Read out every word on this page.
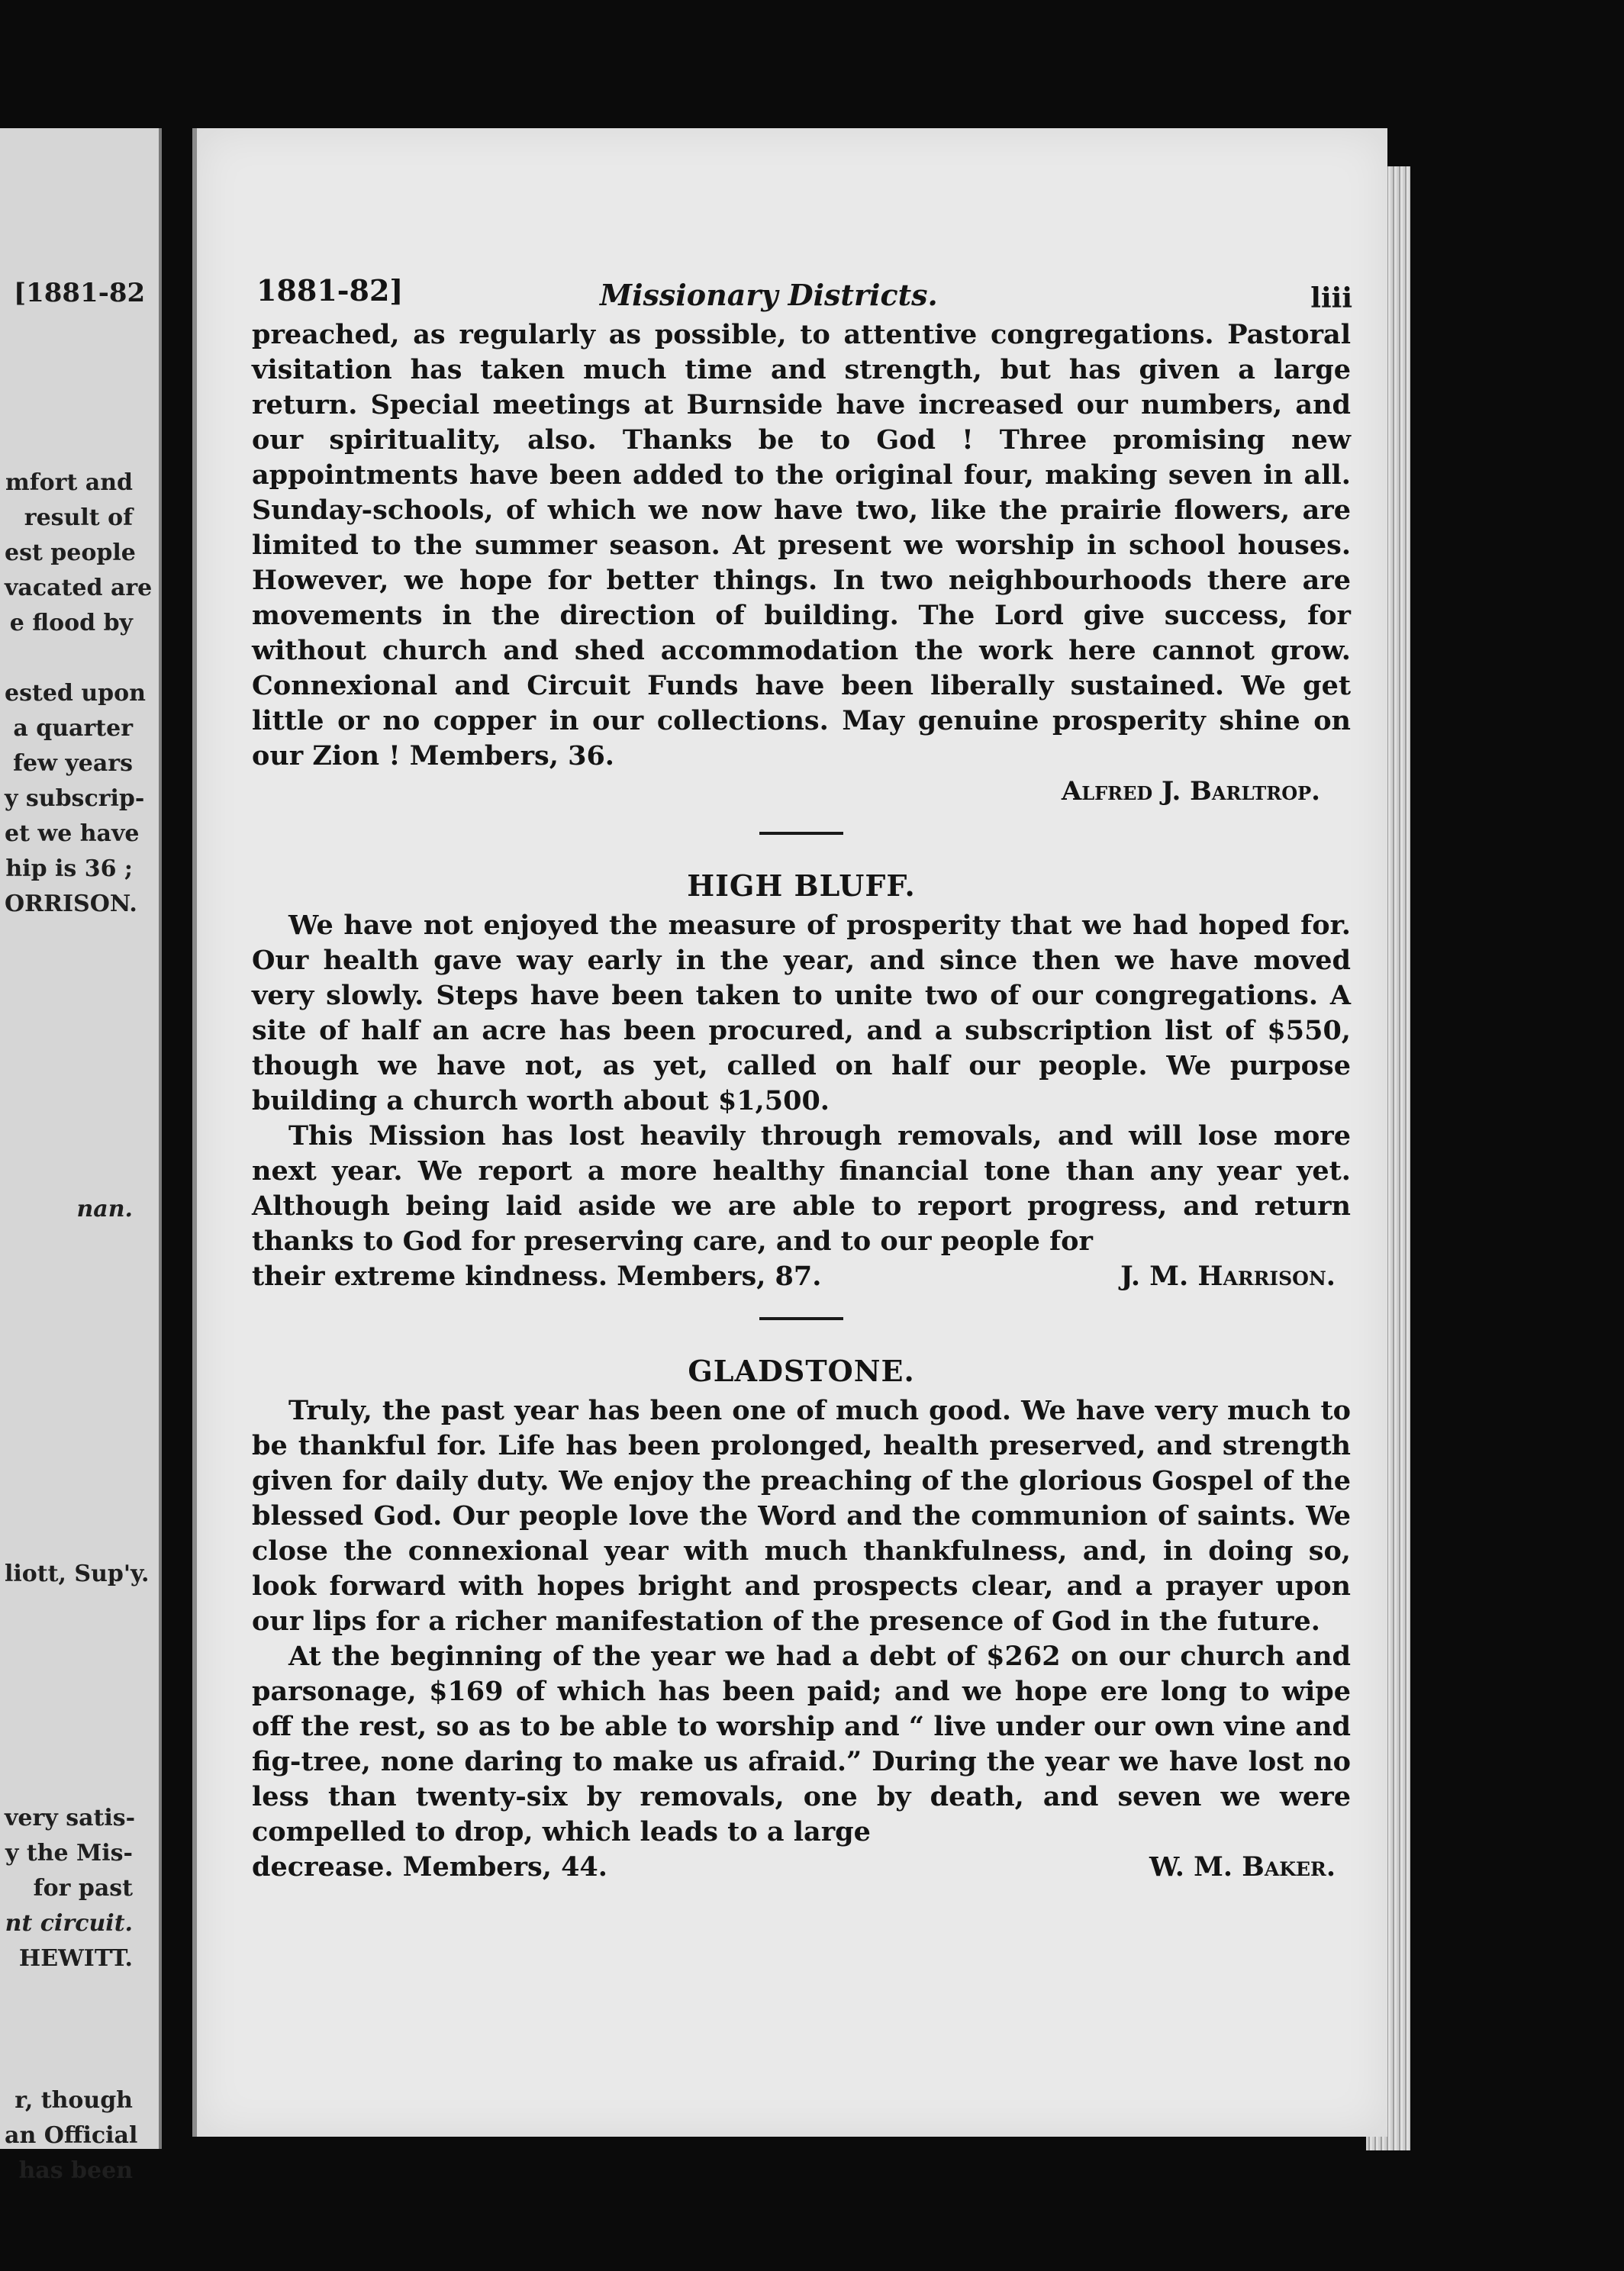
[1881-82
mfort and
result of
est people
vacated are
e flood by
ested upon
a quarter
few years
y subscrip-
et we have
hip is 36 ;
ORRISON.
nan.
liott, Sup'y.
very satis-
y the Mis-
for past
nt circuit.
HEWITT.
r, though
an Official
has been
1881-82]	Missionary Districts.	liii

preached, as regularly as possible, to attentive congregations. Pastoral visitation has taken much time and strength, but has given a large return. Special meetings at Burnside have increased our numbers, and our spirituality, also. Thanks be to God ! Three promising new appointments have been added to the original four, making seven in all. Sunday-schools, of which we now have two, like the prairie flowers, are limited to the summer season. At present we worship in school houses. However, we hope for better things. In two neighbourhoods there are movements in the direction of building. The Lord give success, for without church and shed accommodation the work here cannot grow. Connexional and Circuit Funds have been liberally sustained. We get little or no copper in our collections. May genuine prosperity shine on our Zion ! Members, 36.

Alfred J. Barltrop.

HIGH BLUFF.

We have not enjoyed the measure of prosperity that we had hoped for. Our health gave way early in the year, and since then we have moved very slowly. Steps have been taken to unite two of our congregations. A site of half an acre has been procured, and a subscription list of $550, though we have not, as yet, called on half our people. We purpose building a church worth about $1,500.

This Mission has lost heavily through removals, and will lose more next year. We report a more healthy financial tone than any year yet. Although being laid aside we are able to report progress, and return thanks to God for preserving care, and to our people for

their extreme kindness. Members, 87.	J. M. Harrison.

GLADSTONE.

Truly, the past year has been one of much good. We have very much to be thankful for. Life has been prolonged, health preserved, and strength given for daily duty. We enjoy the preaching of the glorious Gospel of the blessed God. Our people love the Word and the communion of saints. We close the connexional year with much thankfulness, and, in doing so, look forward with hopes bright and prospects clear, and a prayer upon our lips for a richer manifestation of the presence of God in the future.

At the beginning of the year we had a debt of $262 on our church and parsonage, $169 of which has been paid; and we hope ere long to wipe off the rest, so as to be able to worship and “ live under our own vine and fig-tree, none daring to make us afraid.” During the year we have lost no less than twenty-six by removals, one by death, and seven we were compelled to drop, which leads to a large

decrease. Members, 44.	W. M. Baker.
